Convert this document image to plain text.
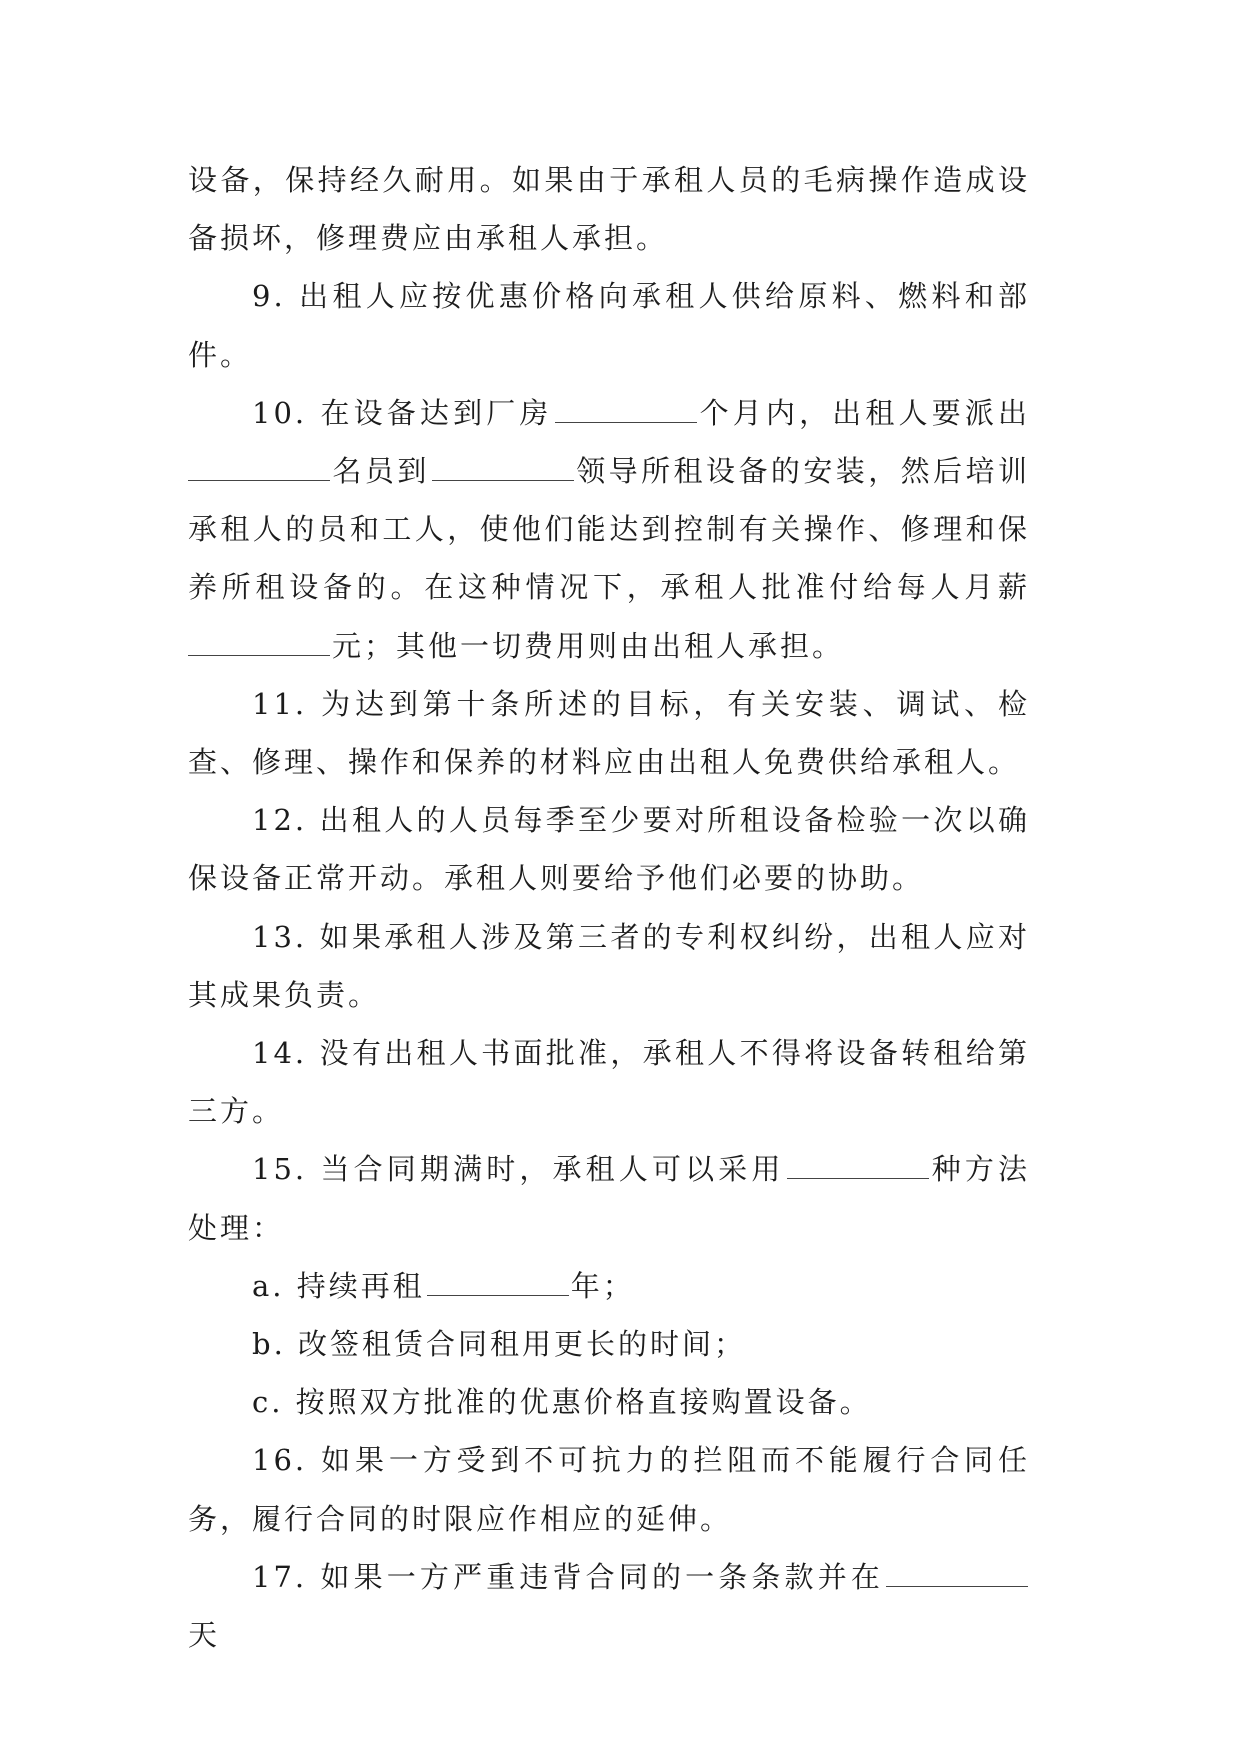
设备，保持经久耐用。如果由于承租人员的毛病操作造成设备损坏，修理费应由承租人承担。

9. 出租人应按优惠价格向承租人供给原料、燃料和部件。

10. 在设备达到厂房	个月内，出租人要派出名员到	领导所租设备的安装，然后培训承租人的员和工人，使他们能达到控制有关操作、修理和保养所租设备的。在这种情况下，承租人批准付给每人月薪元；其他一切费用则由出租人承担。

11. 为达到第十条所述的目标，有关安装、调试、检查、修理、操作和保养的材料应由出租人免费供给承租人。

12. 出租人的人员每季至少要对所租设备检验一次以确保设备正常开动。承租人则要给予他们必要的协助。

13. 如果承租人涉及第三者的专利权纠纷，出租人应对其成果负责。

14. 没有出租人书面批准，承租人不得将设备转租给第三方。

15. 当合同期满时，承租人可以采用	种方法处理：

a. 持续再租	年；

b. 改签租赁合同租用更长的时间；

c. 按照双方批准的优惠价格直接购置设备。

16. 如果一方受到不可抗力的拦阻而不能履行合同任务，履行合同的时限应作相应的延伸。

17. 如果一方严重违背合同的一条条款并在天
